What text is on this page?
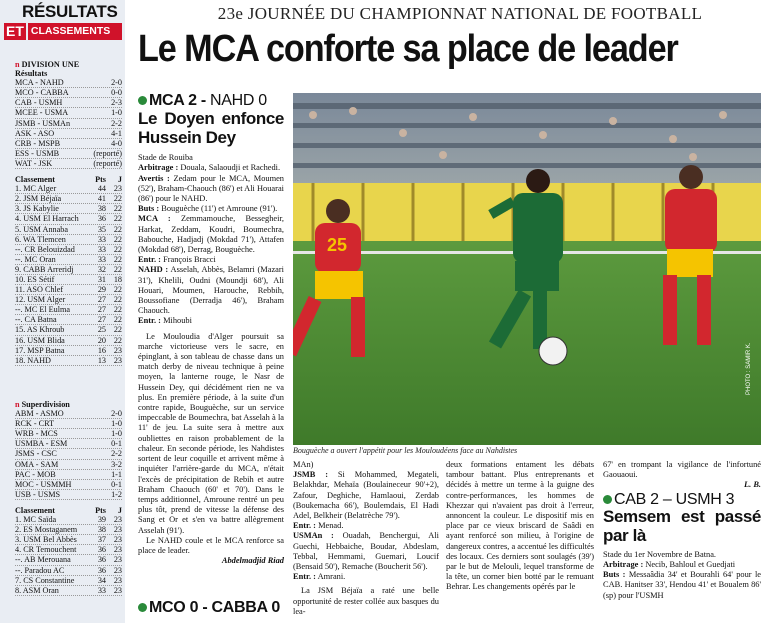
RÉSULTATS
ET CLASSEMENTS
n DIVISION UNE
Résultats
MCA - NAHD	2-0
MCO - CABBA	0-0
CAB - USMH	2-3
MCEE - USMA	1-0
JSMB - USMAn	2-2
ASK - ASO	4-1
CRB - MSPB	4-0
ESS - USMB	(reporté)
WAT - JSK	(reporté)
Classement	Pts	J
1. MC Alger	44 23
2. JSM Béjaïa	41 22
3. JS Kabylie	38 22
4. USM El Harrach	36 22
5. USM Annaba	35 22
6. WA Tlemcen	33 22
--. CR Belouizdad	33 22
--. MC Oran	33 22
9. CABB Arreridj	32 22
10. ES Sétif	31 18
11. ASO Chlef	29 22
12. USM Alger	27 22
--. MC El Eulma	27 22
--. CA Batna	27 22
15. AS Khroub	25 22
16. USM Blida	20 22
17. MSP Batna	16 23
18. NAHD	13 23
n Superdivision
ABM - ASMO	2-0
RCK - CRT	1-0
WRB - MCS	1-0
USMBA - ESM	0-1
JSMS - CSC	2-2
OMA - SAM	3-2
PAC - MOB	1-1
MOC - USMMH	0-1
USB - USMS	1-2
Classement	Pts	J
1. MC Saïda	39 23
2. ES Mostaganem	38 23
3. USM Bel Abbès	37 23
4. CR Temouchent	36 23
--. AB Merouana	36 23
--. Paradou AC	36 23
7. CS Constantine	34 23
8. ASM Oran	33 23
23e JOURNÉE DU CHAMPIONNAT NATIONAL DE FOOTBALL
Le MCA conforte sa place de leader
MCA 2 - NAHD 0
Le Doyen enfonce Hussein Dey

Stade de Rouiba

Arbitrage : Douala, Salaoudji et Rachedi.

Avertis : Zedam pour le MCA, Moumen (52'), Braham-Chaouch (86') et Ali Houarai (86') pour le NAHD.

Buts : Bouguèche (11') et Amroune (91').

MCA : Zemmamouche, Bessegheir, Harkat, Zeddam, Koudri, Boumechra, Babouche, Hadjadj (Mokdad 71'), Attafen (Mokdad 68'), Derrag, Bouguèche.

Entr. : François Bracci

NAHD : Asselah, Abbès, Belamri (Mazari 31'), Khelili, Oudni (Moundji 68'), Ali Houari, Moumen, Harouche, Rebbih, Boussofiane (Derradja 46'), Braham Chaouch.

Entr. : Mihoubi

Le Mouloudia d'Alger poursuit sa marche victorieuse vers le sacre, en épinglant, à son tableau de chasse dans un match derby de niveau technique à peine moyen, la lanterne rouge, le Nasr de Hussein Dey, qui décidément rien ne va plus. En première période, à la suite d'un contre rapide, Bouguèche, sur un service impeccable de Boumechra, bat Asselah à la 11' de jeu. La suite sera à mettre aux oubliettes en raison probablement de la chaleur. En seconde période, les Nahdistes sortent de leur coquille et arrivent même à inquiéter l'arrière-garde du MCA, n'était l'excès de précipitation de Rebih et autre Braham Chaouch (60' et 70'). Dans le temps additionnel, Amroune rentré un peu plus tôt, prend de vitesse la défense des Sang et Or et s'en va battre allègrement Asselah (91').

Le NAHD coule et le MCA renforce sa place de leader.

Abdelmadjid Riad

MCO 0 - CABBA 0
25
PHOTO : SAMIR K.
Bouguèche a ouvert l'appétit pour les Mouloudéens face au Nahdistes

MAn)

JSMB : Si Mohammed, Megateli, Belakhdar, Mehaïa (Boulaineceur 90'+2), Zafour, Deghiche, Hamlaoui, Zerdab (Boukemacha 66'), Boulemdais, El Hadi Adel, Belkheir (Belatrèche 79').

Entr. : Menad.

USMAn : Ouadah, Benchergui, Ali Guechi, Hebbaiche, Boudar, Abdeslam, Tebbal, Hemmami, Guemari, Loucif (Bensaid 50'), Remache (Boucherit 56').

Entr. : Amrani.

La JSM Béjaïa a raté une belle opportunité de rester collée aux basques du lea-

deux formations entament les débats tambour battant. Plus entreprenants et décidés à mettre un terme à la guigne des contre-performances, les hommes de Khezzar qui n'avaient pas droit à l'erreur, annoncent la couleur. Le dispositif mis en place par ce vieux briscard de Saâdi en ayant renforcé son milieu, à l'origine de dangereux contres, a accentué les difficultés des locaux. Ces derniers sont soulagés (39') par le but de Melouli, lequel transforme de la tête, un corner bien botté par le remuant Behrar. Les changements opérés par le

67' en trompant la vigilance de l'infortuné Gaouaoui.

L. B.

CAB 2 – USMH 3
Semsem est passé par là

Stade du 1er Novembre de Batna.

Arbitrage : Necib, Bahloul et Guedjati

Buts : Messaâdia 34' et Bourahli 64' pour le CAB. Hanitser 33', Hendou 41' et Boualem 86' (sp) pour l'USMH
